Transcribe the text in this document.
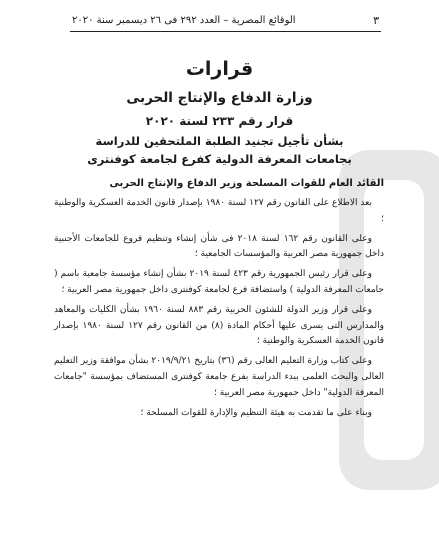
٣
الوقائع المصرية – العدد ٢٩٢ فى ٢٦ ديسمبر سنة ٢٠٢٠
قرارات
وزارة الدفاع والإنتاج الحربى
قرار رقم ٢٣٣ لسنة ٢٠٢٠
بشأن تأجيل تجنيد الطلبة الملتحقين للدراسة
بجامعات المعرفة الدولية كفرع لجامعة كوفنترى
القائد العام للقوات المسلحة وزير الدفاع والإنتاج الحربى

بعد الاطلاع على القانون رقم ١٢٧ لسنة ١٩٨٠ بإصدار قانون الخدمة العسكرية والوطنية ؛

وعلى القانون رقم ١٦٢ لسنة ٢٠١٨ فى شأن إنشاء وتنظيم فروع للجامعات الأجنبية داخل جمهورية مصر العربية والمؤسسات الجامعية ؛

وعلى قرار رئيس الجمهورية رقم ٤٢٣ لسنة ٢٠١٩ بشأن إنشاء مؤسسة جامعية باسم ( جامعات المعرفة الدولية ) واستضافة فرع لجامعة كوفنترى داخل جمهورية مصر العربية ؛

وعلى قرار وزير الدولة للشئون الحربية رقم ٨٨٣ لسنة ١٩٦٠ بشأن الكليات والمعاهد والمدارس التى يسرى عليها أحكام المادة (٨) من القانون رقم ١٢٧ لسنة ١٩٨٠ بإصدار قانون الخدمة العسكرية والوطنية ؛

وعلى كتاب وزارة التعليم العالى رقم (٣٦) بتاريخ ٢٠١٩/٩/٢١ بشأن موافقة وزير التعليم العالى والبحث العلمى ببدء الدراسة بفرع جامعة كوفنترى المستضاف بمؤسسة "جامعات المعرفة الدولية" داخل جمهورية مصر العربية ؛

وبناء على ما تقدمت به هيئة التنظيم والإدارة للقوات المسلحة ؛
